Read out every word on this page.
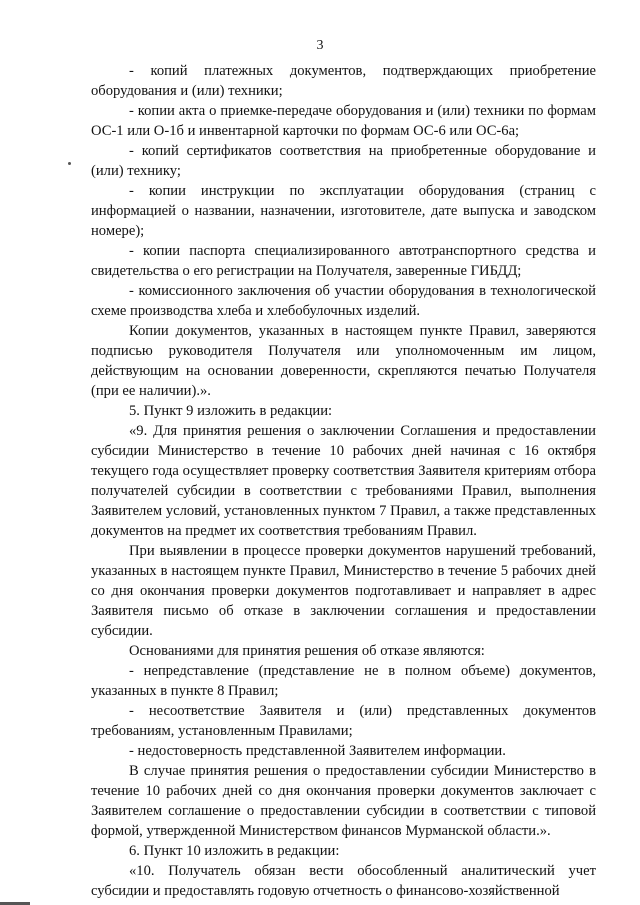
3

- копий платежных документов, подтверждающих приобретение оборудования и (или) техники;

- копии акта о приемке-передаче оборудования и (или) техники по формам ОС-1 или О-1б и инвентарной карточки по формам ОС-6 или ОС-6а;

- копий сертификатов соответствия на приобретенные оборудование и (или) технику;

- копии инструкции по эксплуатации оборудования (страниц с информацией о названии, назначении, изготовителе, дате выпуска и заводском номере);

- копии паспорта специализированного автотранспортного средства и свидетельства о его регистрации на Получателя, заверенные ГИБДД;

- комиссионного заключения об участии оборудования в технологической схеме производства хлеба и хлебобулочных изделий.

Копии документов, указанных в настоящем пункте Правил, заверяются подписью руководителя Получателя или уполномоченным им лицом, действующим на основании доверенности, скрепляются печатью Получателя (при ее наличии).».

5. Пункт 9 изложить в редакции:

«9. Для принятия решения о заключении Соглашения и предоставлении субсидии Министерство в течение 10 рабочих дней начиная с 16 октября текущего года осуществляет проверку соответствия Заявителя критериям отбора получателей субсидии в соответствии с требованиями Правил, выполнения Заявителем условий, установленных пунктом 7 Правил, а также представленных документов на предмет их соответствия требованиям Правил.

При выявлении в процессе проверки документов нарушений требований, указанных в настоящем пункте Правил, Министерство в течение 5 рабочих дней со дня окончания проверки документов подготавливает и направляет в адрес Заявителя письмо об отказе в заключении соглашения и предоставлении субсидии.

Основаниями для принятия решения об отказе являются:

- непредставление (представление не в полном объеме) документов, указанных в пункте 8 Правил;

- несоответствие Заявителя и (или) представленных документов требованиям, установленным Правилами;

- недостоверность представленной Заявителем информации.

В случае принятия решения о предоставлении субсидии Министерство в течение 10 рабочих дней со дня окончания проверки документов заключает с Заявителем соглашение о предоставлении субсидии в соответствии с типовой формой, утвержденной Министерством финансов Мурманской области.».

6. Пункт 10 изложить в редакции:

«10. Получатель обязан вести обособленный аналитический учет субсидии и предоставлять годовую отчетность о финансово-хозяйственной
